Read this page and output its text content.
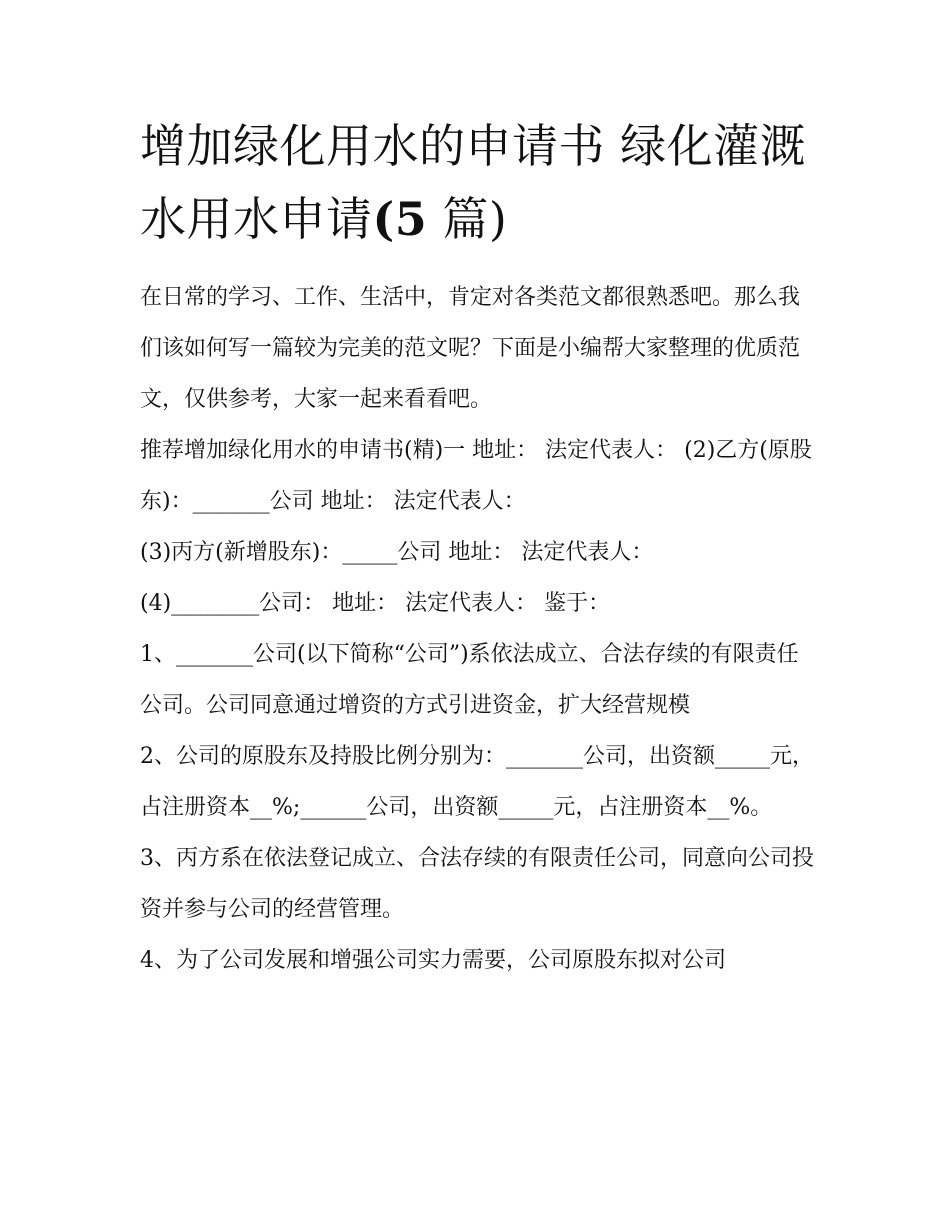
增加绿化用水的申请书 绿化灌溉水用水申请(5 篇)

在日常的学习、工作、生活中，肯定对各类范文都很熟悉吧。那么我们该如何写一篇较为完美的范文呢？下面是小编帮大家整理的优质范文，仅供参考，大家一起来看看吧。

推荐增加绿化用水的申请书(精)一 地址： 法定代表人： (2)乙方(原股东)：_______公司 地址： 法定代表人：

(3)丙方(新增股东)：_____公司 地址： 法定代表人：

(4)________公司： 地址： 法定代表人： 鉴于：

1、_______公司(以下简称“公司”)系依法成立、合法存续的有限责任公司。公司同意通过增资的方式引进资金，扩大经营规模

2、公司的原股东及持股比例分别为：_______公司，出资额_____元，占注册资本__%;______公司，出资额_____元，占注册资本__%。

3、丙方系在依法登记成立、合法存续的有限责任公司，同意向公司投资并参与公司的经营管理。

4、为了公司发展和增强公司实力需要，公司原股东拟对公司
